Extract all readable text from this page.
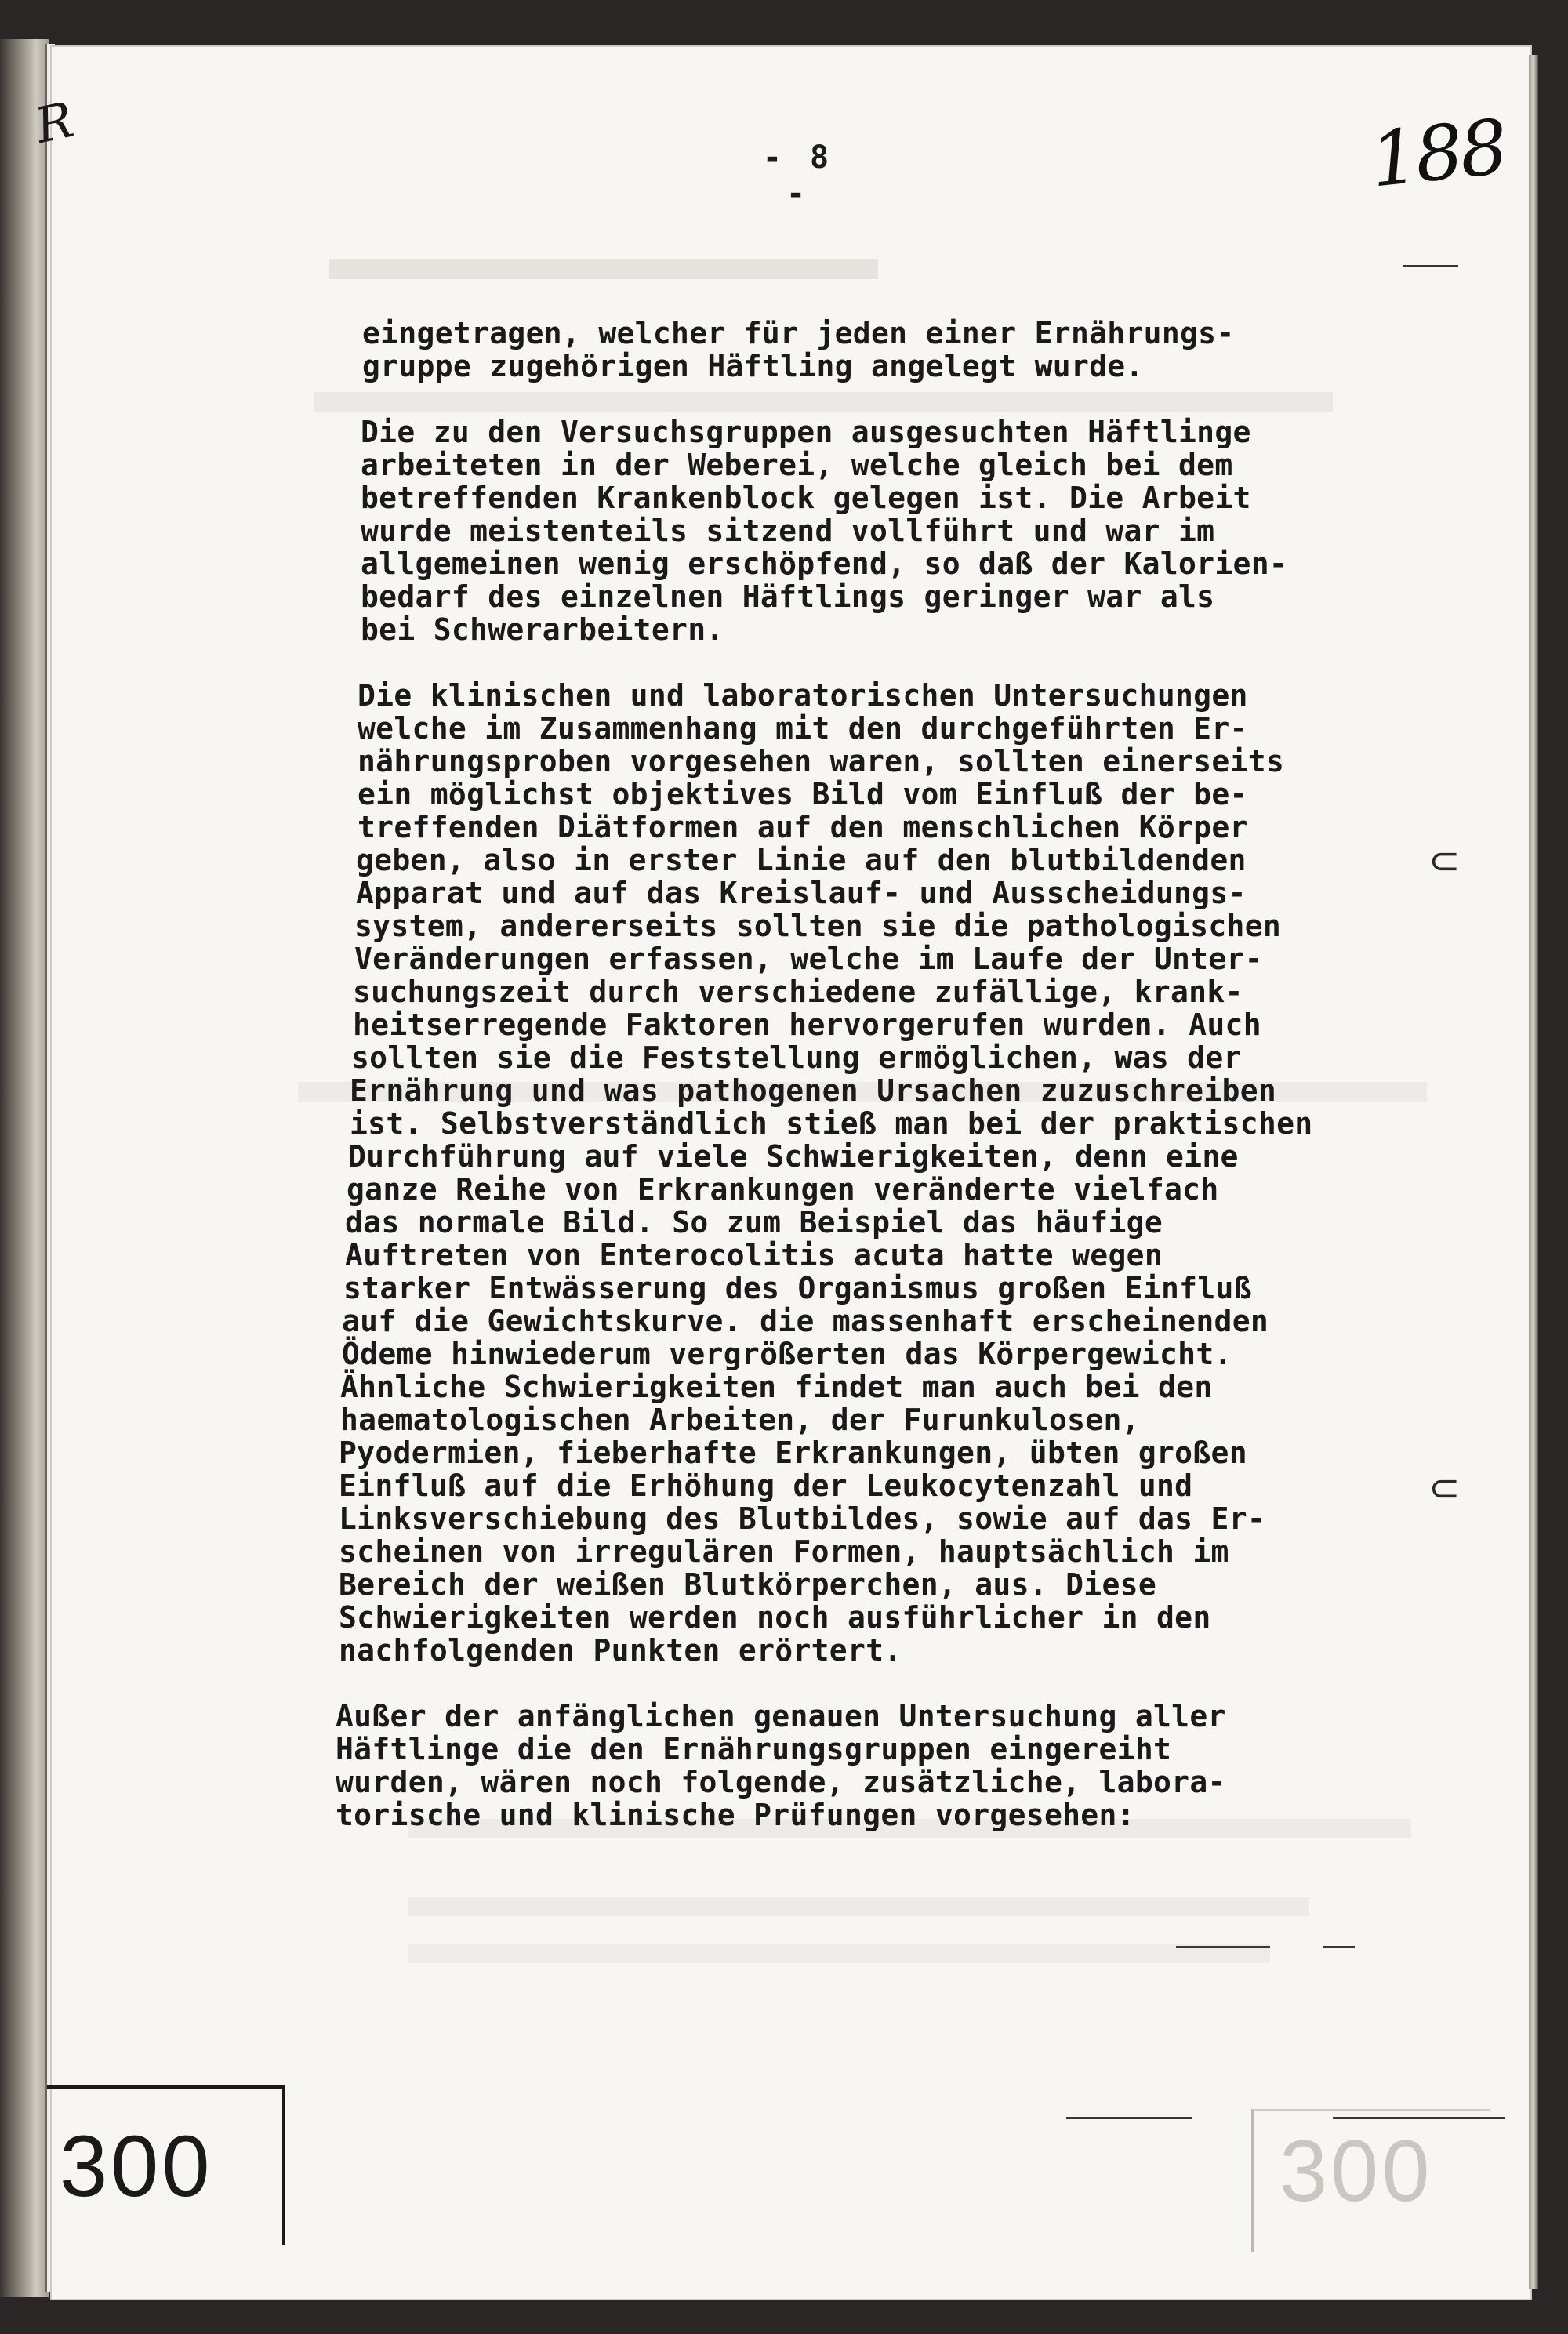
R
- 8 -	188
eingetragen, welcher für jeden einer Ernährungs-
gruppe zugehörigen Häftling angelegt wurde.
Die zu den Versuchsgruppen ausgesuchten Häftlinge
arbeiteten in der Weberei, welche gleich bei dem
betreffenden Krankenblock gelegen ist. Die Arbeit
wurde meistenteils sitzend vollführt und war im
allgemeinen wenig erschöpfend, so daß der Kalorien-
bedarf des einzelnen Häftlings geringer war als
bei Schwerarbeitern.
Die klinischen und laboratorischen Untersuchungen
welche im Zusammenhang mit den durchgeführten Er-
nährungsproben vorgesehen waren, sollten einerseits
ein möglichst objektives Bild vom Einfluß der be-
treffenden Diätformen auf den menschlichen Körper
geben, also in erster Linie auf den blutbildenden
Apparat und auf das Kreislauf- und Ausscheidungs-
system, andererseits sollten sie die pathologischen
Veränderungen erfassen, welche im Laufe der Unter-
suchungszeit durch verschiedene zufällige, krank-
heitserregende Faktoren hervorgerufen wurden. Auch
sollten sie die Feststellung ermöglichen, was der
Ernährung und was pathogenen Ursachen zuzuschreiben
ist. Selbstverständlich stieß man bei der praktischen
Durchführung auf viele Schwierigkeiten, denn eine
ganze Reihe von Erkrankungen veränderte vielfach
das normale Bild. So zum Beispiel das häufige
Auftreten von Enterocolitis acuta hatte wegen
starker Entwässerung des Organismus großen Einfluß
auf die Gewichtskurve. die massenhaft erscheinenden
Ödeme hinwiederum vergrößerten das Körpergewicht.
Ähnliche Schwierigkeiten findet man auch bei den
haematologischen Arbeiten, der Furunkulosen,
Pyodermien, fieberhafte Erkrankungen, übten großen
Einfluß auf die Erhöhung der Leukocytenzahl und
Linksverschiebung des Blutbildes, sowie auf das Er-
scheinen von irregulären Formen, hauptsächlich im
Bereich der weißen Blutkörperchen, aus. Diese
Schwierigkeiten werden noch ausführlicher in den
nachfolgenden Punkten erörtert.
Außer der anfänglichen genauen Untersuchung aller
Häftlinge die den Ernährungsgruppen eingereiht
wurden, wären noch folgende, zusätzliche, labora-
torische und klinische Prüfungen vorgesehen:
⊂
⊂
300	300
